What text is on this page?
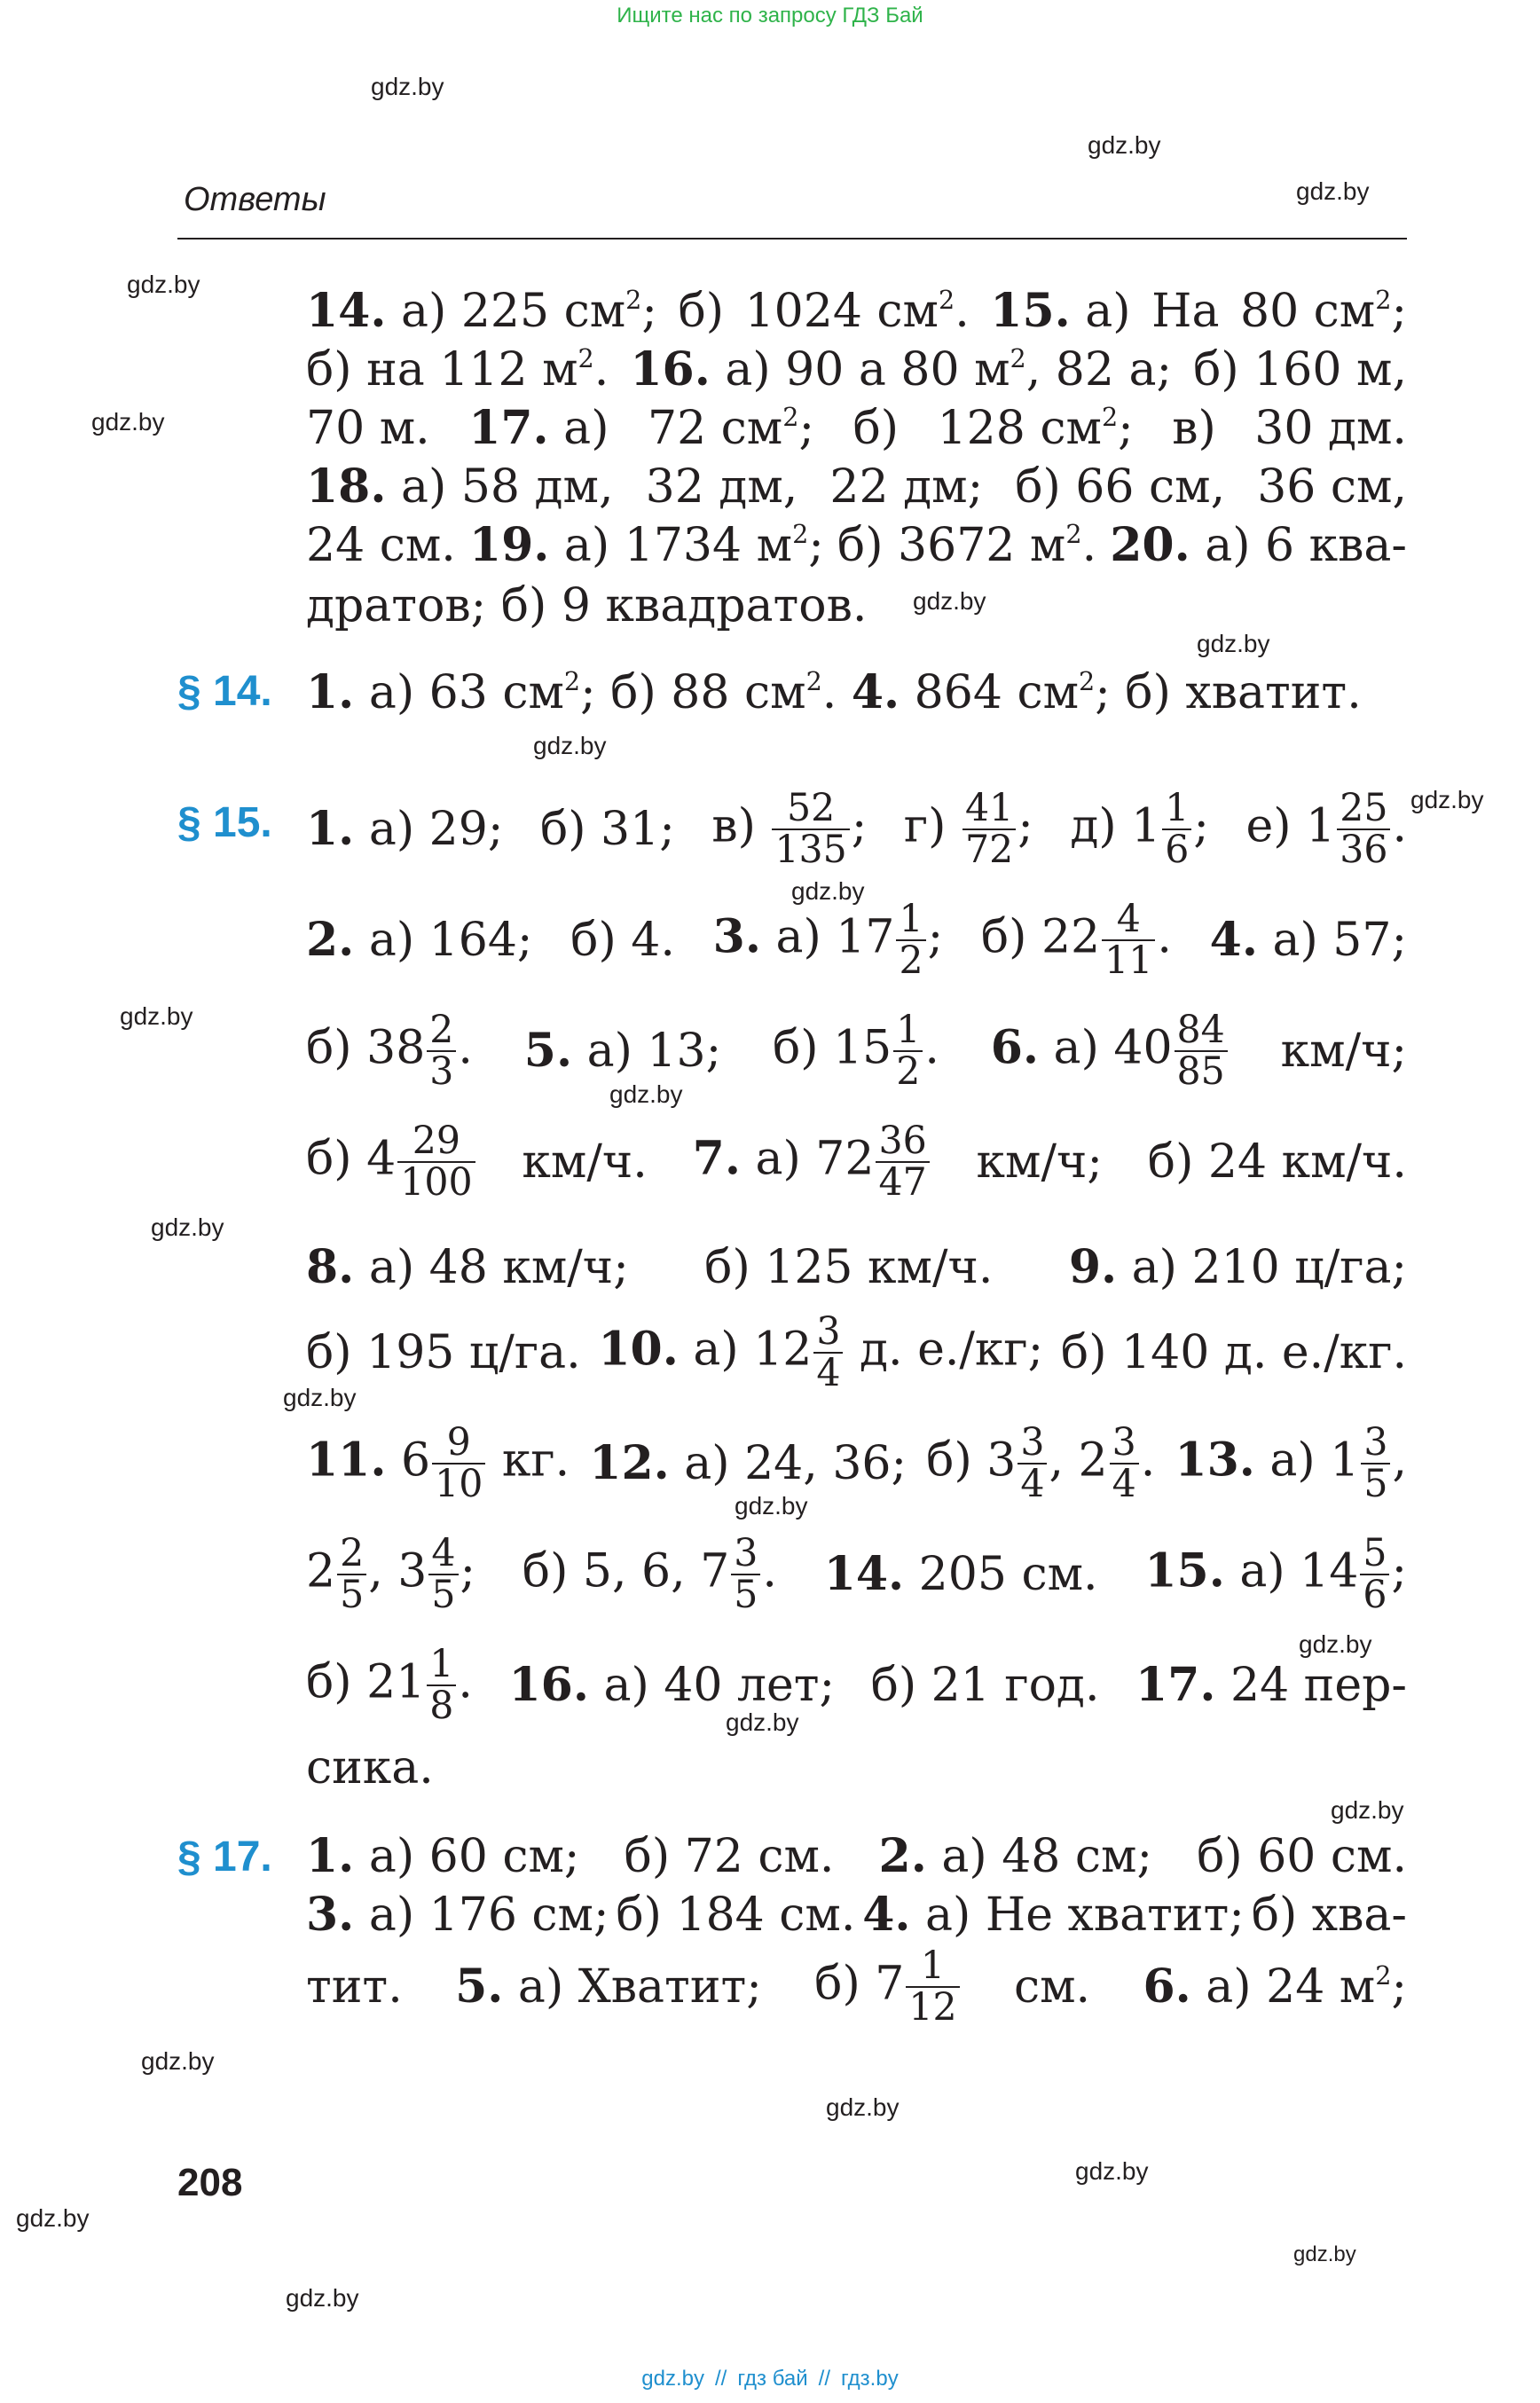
Ищите нас по запросу ГДЗ Бай
Ответы
14. а) 225 $см^2$; б) 1024 $см^2$. 15. а) На 80 $см^2$;
б) на 112 $м^2$. 16. а) 90 а 80 $м^2$, 82 а; б) 160 м,
70 м. 17. а) 72 $см^2$; б) 128 $см^2$; в) 30 дм.
18. а) 58 дм, 32 дм, 22 дм; б) 66 см, 36 см,
24 см. 19. а) 1734 $м^2$; б) 3672 $м^2$. 20. а) 6 ква-
дратов; б) 9 квадратов.
§ 14. 1. а) 63 $см^2$; б) 88 $см^2$. 4. 864 $см^2$; б) хватит.
§ 15. 1. а) 29; б) 31; $в) \frac{52}{135}$ ; $г) \frac{41}{72}$ ; д) $1 \frac{1}{6}$ ; е) $1 \frac{25}{36}$ .
2. а) 164; б) 4. 3. а) $17 \frac{1}{2}$ ; б) $22 \frac{4}{11}$ . 4. а) 57;
б) $38 \frac{2}{3}$ . 5. а) 13; б) $15 \frac{1}{2}$ . 6. а) $40 \frac{84}{85} км/ч$;
б) $4 \frac{29}{100} км/ч$. 7. а) $72 \frac{36}{47} км/ч$; б) 24 км/ч.
8. а) 48 км/ч; б) 125 км/ч. 9. а) 210 ц/га;
б) 195 ц/га. 10. а) $12 \frac{3}{4} д$. е./кг; б) 140 д. е./кг.
11. $6 \frac{9}{10}$ кг. 12. а) 24, 36; б) $3 \frac{3}{4}$ , $2 \frac{3}{4}$ . 13. а) $1 \frac{3}{5}$ ,
$2 \frac{2}{5}$ , $3 \frac{4}{5}$ ; б) 5, 6, $7 \frac{3}{5}$ . 14. 205 см. 15. а) $14 \frac{5}{6}$ ;
б) $21 \frac{1}{8}$ . 16. а) 40 лет; б) 21 год. 17. 24 пер-
сика.
§ 17. 1. а) 60 см; б) 72 см. 2. а) 48 см; б) 60 см.
3. а) 176 см; б) 184 см. 4. а) Не хватит; б) хва-
тит. 5. а) Хватит; б) $7 \frac{1}{12}$ см. 6. а) 24 $м^2$;
208
gdz.by
gdz.by
gdz.by
gdz.by
gdz.by
gdz.by
gdz.by
gdz.by
gdz.by
gdz.by
gdz.by
gdz.by
gdz.by
gdz.by
gdz.by
gdz.by
gdz.by
gdz.by
gdz.by
gdz.by
gdz.by
gdz.by
gdz.by
gdz.by
gdz.by // гдз бай // гдз.by
